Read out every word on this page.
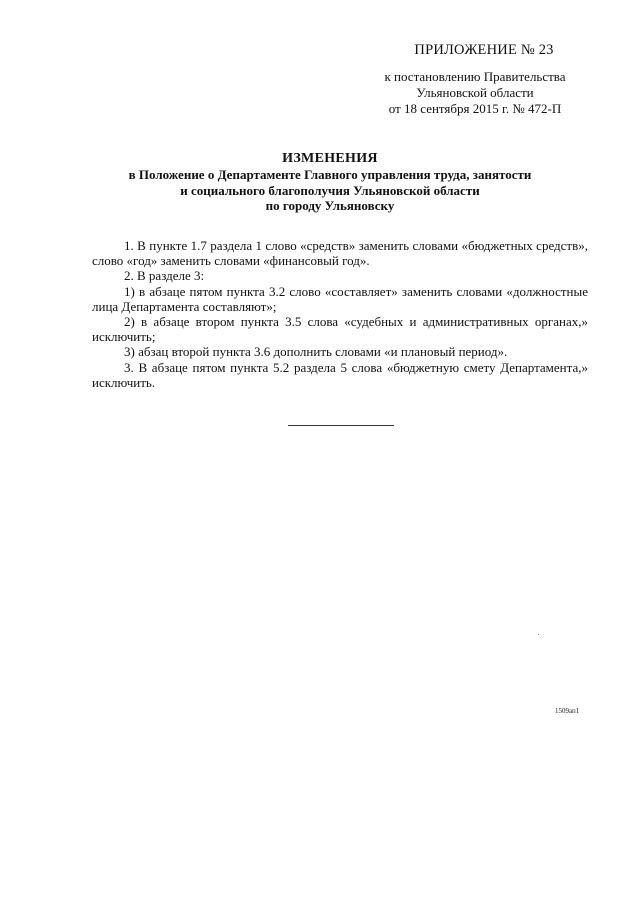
ПРИЛОЖЕНИЕ № 23

к постановлению Правительства

Ульяновской области

от 18 сентября 2015 г. № 472-П

ИЗМЕНЕНИЯ

в Положение о Департаменте Главного управления труда, занятости

и социального благополучия Ульяновской области

по городу Ульяновску

1. В пункте 1.7 раздела 1 слово «средств» заменить словами «бюджетных средств», слово «год» заменить словами «финансовый год».

2. В разделе 3:

1) в абзаце пятом пункта 3.2 слово «составляет» заменить словами «должностные лица Департамента составляют»;

2) в абзаце втором пункта 3.5 слова «судебных и административных органах,» исключить;

3) абзац второй пункта 3.6 дополнить словами «и плановый период».

3. В абзаце пятом пункта 5.2 раздела 5 слова «бюджетную смету Департамента,» исключить.

1509ап1
